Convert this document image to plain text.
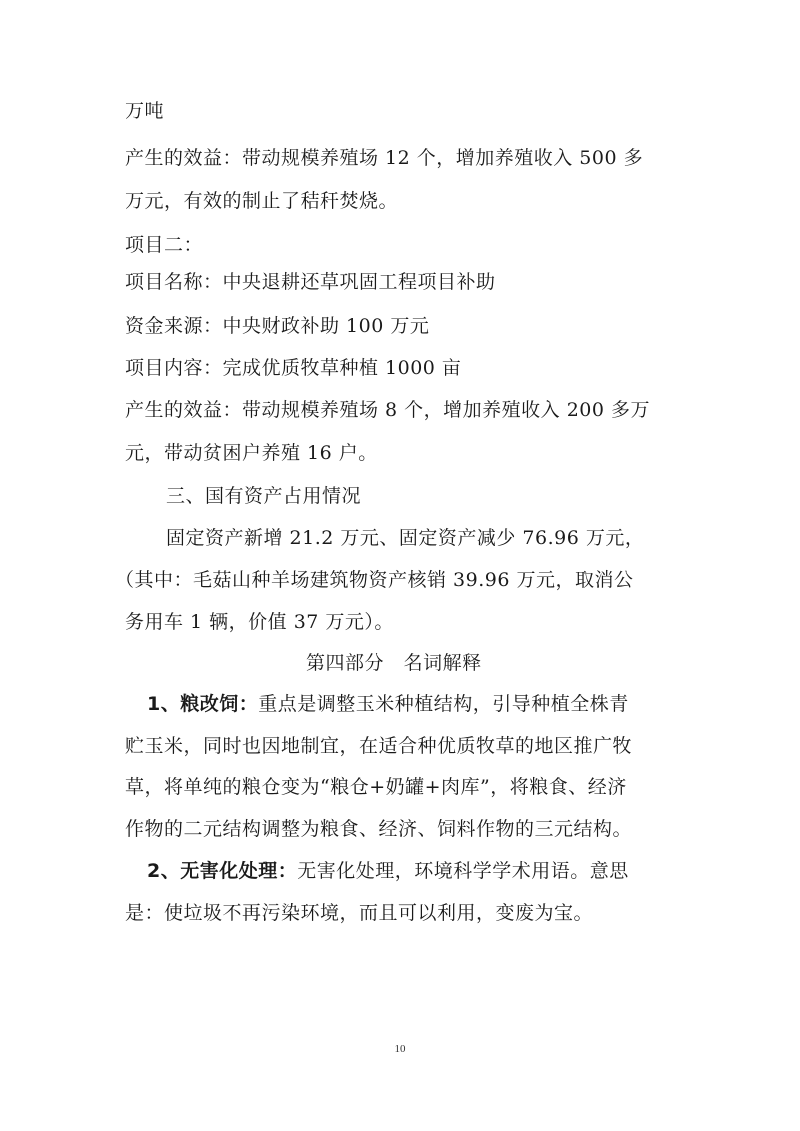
万吨
产生的效益：带动规模养殖场 12 个，增加养殖收入 500 多
万元，有效的制止了秸秆焚烧。
项目二：
项目名称：中央退耕还草巩固工程项目补助
资金来源：中央财政补助 100 万元
项目内容：完成优质牧草种植 1000 亩
产生的效益：带动规模养殖场 8 个，增加养殖收入 200 多万
元，带动贫困户养殖 16 户。
三、国有资产占用情况
固定资产新增 21.2 万元、固定资产减少 76.96 万元，
（其中：毛菇山种羊场建筑物资产核销 39.96 万元，取消公
务用车 1 辆，价值 37 万元）。
第四部分   名词解释
1、粮改饲：重点是调整玉米种植结构，引导种植全株青
贮玉米，同时也因地制宜，在适合种优质牧草的地区推广牧
草，将单纯的粮仓变为“粮仓+奶罐+肉库”，将粮食、经济
作物的二元结构调整为粮食、经济、饲料作物的三元结构。
2、无害化处理：无害化处理，环境科学学术用语。意思
是：使垃圾不再污染环境，而且可以利用，变废为宝。
10
